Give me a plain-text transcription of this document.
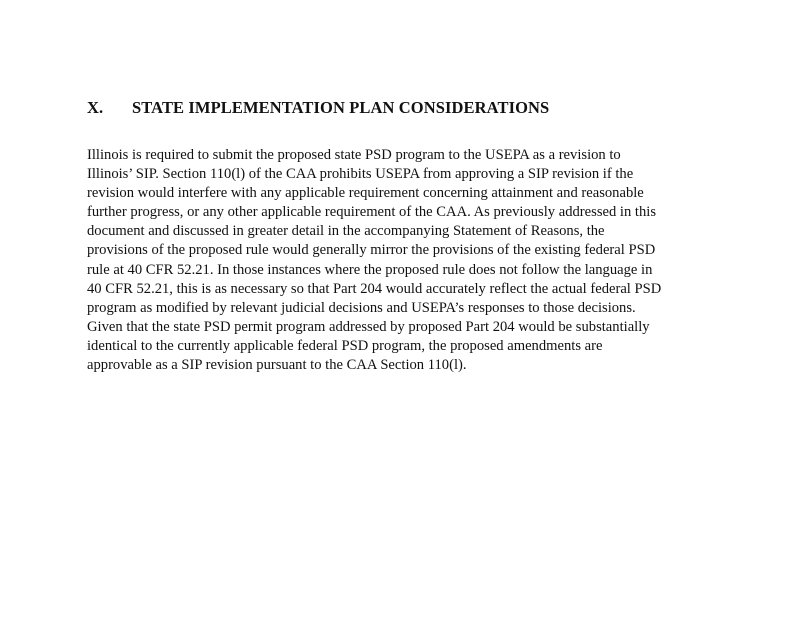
X. STATE IMPLEMENTATION PLAN CONSIDERATIONS
Illinois is required to submit the proposed state PSD program to the USEPA as a revision to
Illinois’ SIP. Section 110(l) of the CAA prohibits USEPA from approving a SIP revision if the
revision would interfere with any applicable requirement concerning attainment and reasonable
further progress, or any other applicable requirement of the CAA. As previously addressed in this
document and discussed in greater detail in the accompanying Statement of Reasons, the
provisions of the proposed rule would generally mirror the provisions of the existing federal PSD
rule at 40 CFR 52.21. In those instances where the proposed rule does not follow the language in
40 CFR 52.21, this is as necessary so that Part 204 would accurately reflect the actual federal PSD
program as modified by relevant judicial decisions and USEPA’s responses to those decisions.
Given that the state PSD permit program addressed by proposed Part 204 would be substantially
identical to the currently applicable federal PSD program, the proposed amendments are
approvable as a SIP revision pursuant to the CAA Section 110(l).
